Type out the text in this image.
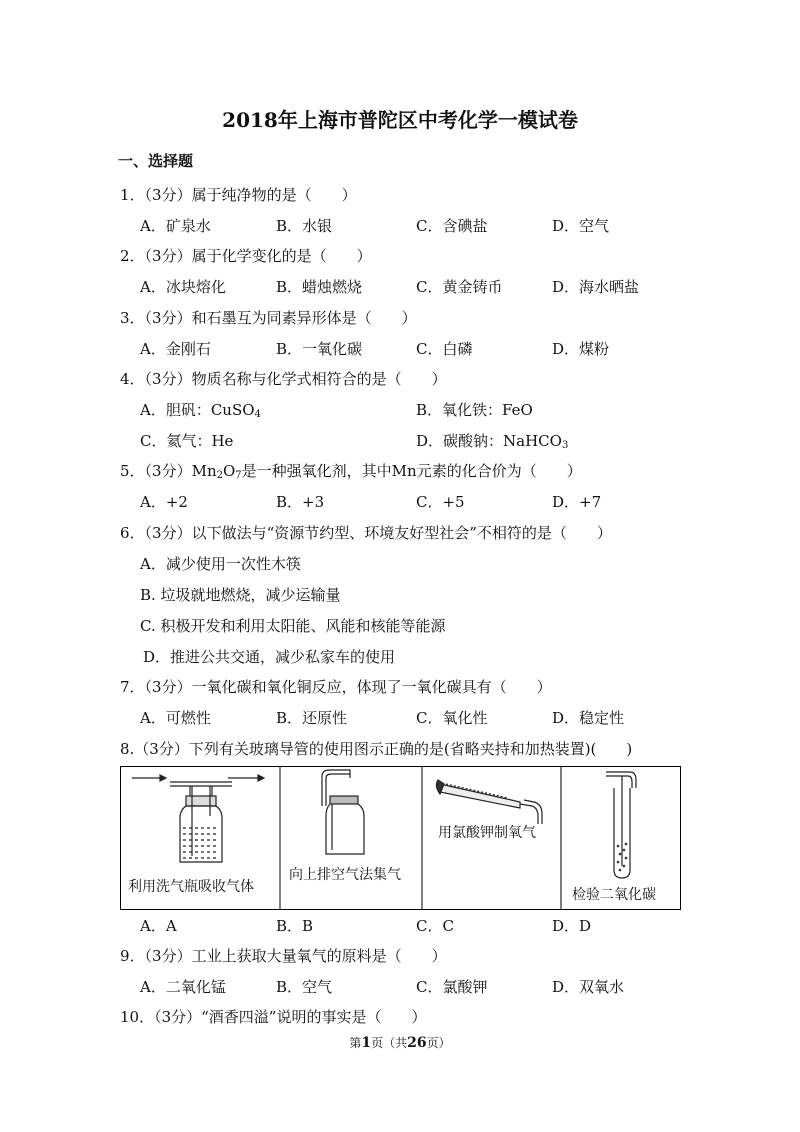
2018年上海市普陀区中考化学一模试卷
一、选择题
1．（3分）属于纯净物的是（　　）
A．矿泉水	B．水银	C．含碘盐	D．空气
2．（3分）属于化学变化的是（　　）
A．冰块熔化	B．蜡烛燃烧	C．黄金铸币	D．海水晒盐
3．（3分）和石墨互为同素异形体是（　　）
A．金刚石	B．一氧化碳	C．白磷	D．煤粉
4．（3分）物质名称与化学式相符合的是（　　）
A．胆矾：CuSO$_4$	B．氧化铁：FeO
C．氦气：He	D．碳酸钠：NaHCO$_3$
5．（3分）$Mn_2O_7$是一种强氧化剂，其中Mn元素的化合价为（　　）
A．+2	B．+3	C．+5	D．+7
6．（3分）以下做法与“资源节约型、环境友好型社会”不相符的是（　　）
A．减少使用一次性木筷
B. 垃圾就地燃烧，减少运输量
C. 积极开发和利用太阳能、风能和核能等能源
D．推进公共交通，减少私家车的使用
7．（3分）一氧化碳和氧化铜反应，体现了一氧化碳具有（　　）
A．可燃性	B．还原性	C．氧化性	D．稳定性
8.（3分）下列有关玻璃导管的使用图示正确的是(省略夹持和加热装置)(　　)
利用洗气瓶吸收气体
向上排空气法集气
用氯酸钾制氧气
检验二氧化碳
A．A	B．B	C．C	D．D
9．（3分）工业上获取大量氧气的原料是（　　）
A．二氧化锰	B．空气	C．氯酸钾	D．双氧水
10．（3分）“酒香四溢”说明的事实是（　　）
第1页（共26页）
